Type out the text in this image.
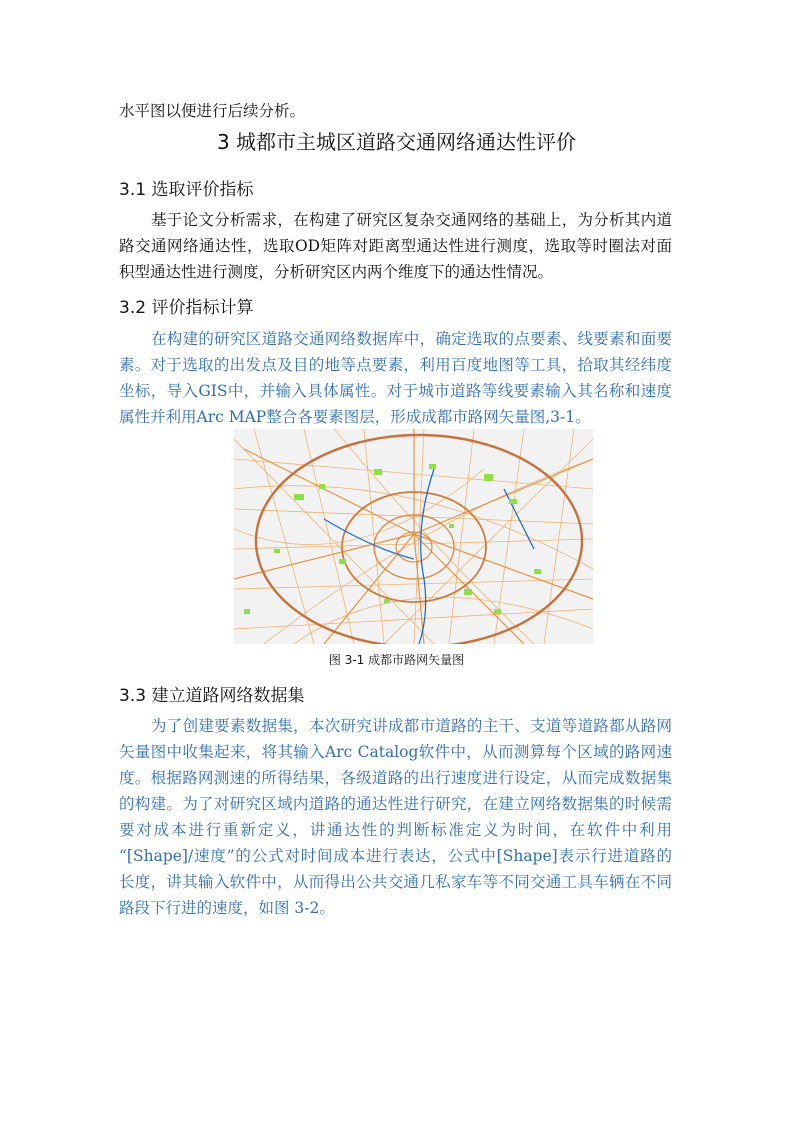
水平图以便进行后续分析。
3 城都市主城区道路交通网络通达性评价
3.1 选取评价指标
基于论文分析需求，在构建了研究区复杂交通网络的基础上，为分析其内道
路交通网络通达性，选取OD矩阵对距离型通达性进行测度，选取等时圈法对面
积型通达性进行测度，分析研究区内两个维度下的通达性情况。
3.2 评价指标计算
在构建的研究区道路交通网络数据库中，确定选取的点要素、线要素和面要
素。对于选取的出发点及目的地等点要素，利用百度地图等工具，拾取其经纬度
坐标，导入GIS中，并输入具体属性。对于城市道路等线要素输入其名称和速度
属性并利用Arc MAP整合各要素图层，形成成都市路网矢量图,3-1。
图 3-1 成都市路网矢量图
3.3 建立道路网络数据集
为了创建要素数据集，本次研究讲成都市道路的主干、支道等道路都从路网
矢量图中收集起来，将其输入Arc Catalog软件中，从而测算每个区域的路网速
度。根据路网测速的所得结果，各级道路的出行速度进行设定，从而完成数据集
的构建。为了对研究区域内道路的通达性进行研究，在建立网络数据集的时候需
要对成本进行重新定义，讲通达性的判断标准定义为时间，在软件中利用
“[Shape]/速度”的公式对时间成本进行表达，公式中[Shape]表示行进道路的
长度，讲其输入软件中，从而得出公共交通几私家车等不同交通工具车辆在不同
路段下行进的速度，如图 3-2。
